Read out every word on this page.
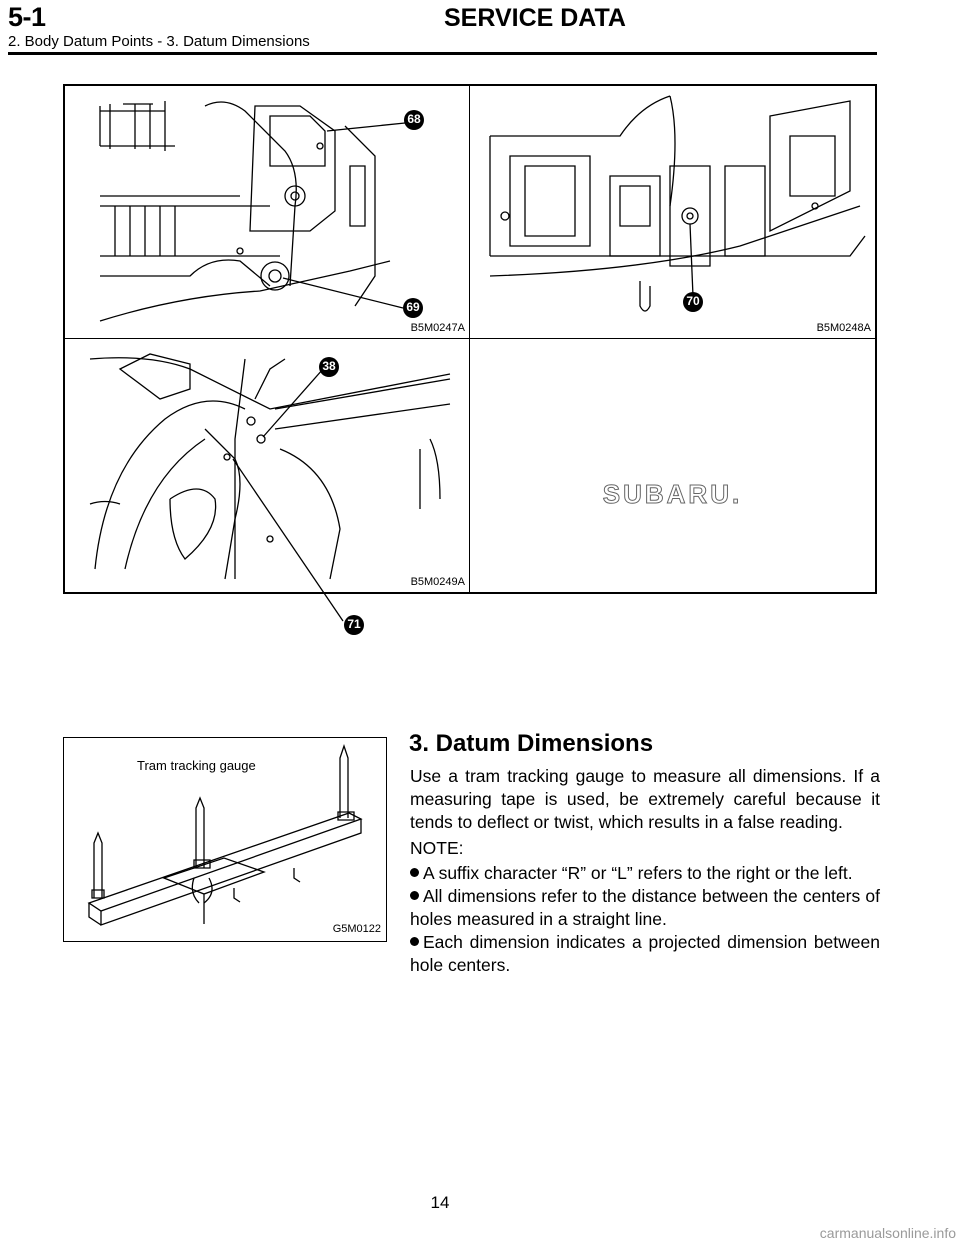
5-1	SERVICE DATA
2. Body Datum Points - 3. Datum Dimensions
68
69
B5M0247A
70
B5M0248A
38
71
B5M0249A
SUBARU.
Tram tracking gauge
G5M0122
3. Datum Dimensions
Use a tram tracking gauge to measure all dimensions. If a measuring tape is used, be extremely careful because it tends to deflect or twist, which results in a false reading.
NOTE:
A suffix character “R” or “L” refers to the right or the left.
All dimensions refer to the distance between the centers of holes measured in a straight line.
Each dimension indicates a projected dimension between hole centers.
14
carmanualsonline.info
